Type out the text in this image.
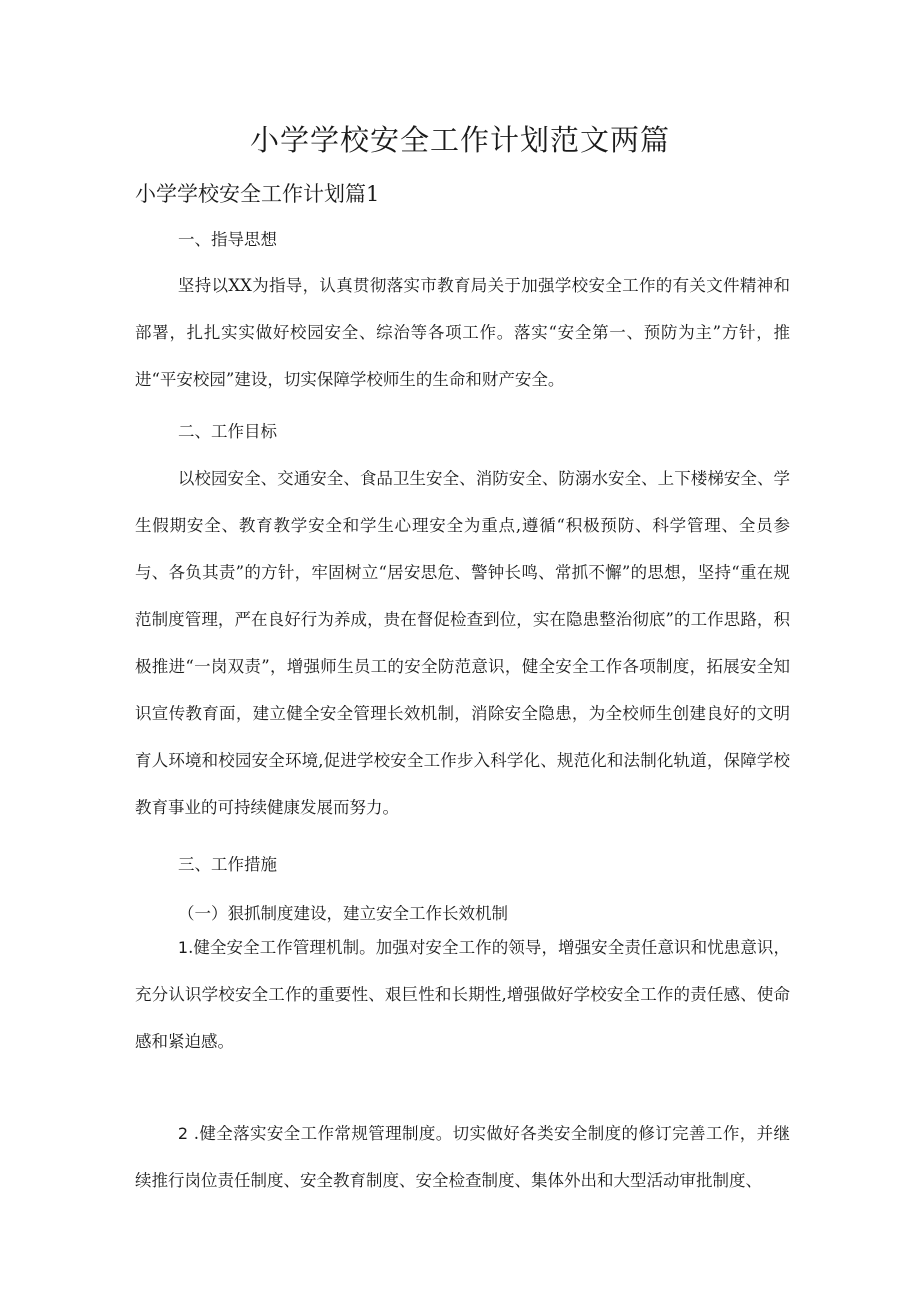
小学学校安全工作计划范文两篇
小学学校安全工作计划篇1
一、指导思想

坚持以XX为指导，认真贯彻落实市教育局关于加强学校安全工作的有关文件精神和部署，扎扎实实做好校园安全、综治等各项工作。落实“安全第一、预防为主”方针，推进“平安校园”建设，切实保障学校师生的生命和财产安全。

二、工作目标

以校园安全、交通安全、食品卫生安全、消防安全、防溺水安全、上下楼梯安全、学生假期安全、教育教学安全和学生心理安全为重点,遵循“积极预防、科学管理、全员参与、各负其责”的方针，牢固树立“居安思危、警钟长鸣、常抓不懈”的思想，坚持“重在规范制度管理，严在良好行为养成，贵在督促检查到位，实在隐患整治彻底”的工作思路，积极推进“一岗双责”，增强师生员工的安全防范意识，健全安全工作各项制度，拓展安全知识宣传教育面，建立健全安全管理长效机制，消除安全隐患，为全校师生创建良好的文明育人环境和校园安全环境,促进学校安全工作步入科学化、规范化和法制化轨道，保障学校教育事业的可持续健康发展而努力。

三、工作措施
（一）狠抓制度建设，建立安全工作长效机制

1.健全安全工作管理机制。加强对安全工作的领导，增强安全责任意识和忧患意识，充分认识学校安全工作的重要性、艰巨性和长期性,增强做好学校安全工作的责任感、使命感和紧迫感。

2 .健全落实安全工作常规管理制度。切实做好各类安全制度的修订完善工作，并继续推行岗位责任制度、安全教育制度、安全检查制度、集体外出和大型活动审批制度、
